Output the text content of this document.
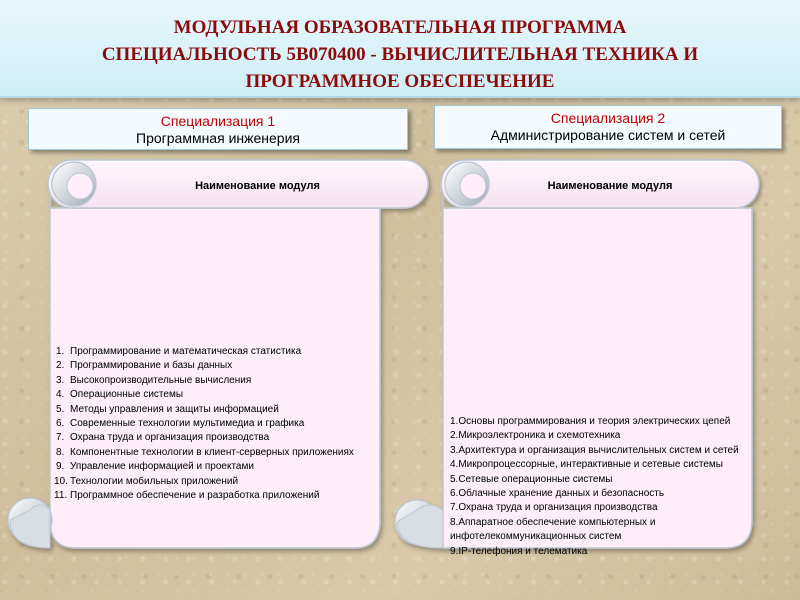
МОДУЛЬНАЯ ОБРАЗОВАТЕЛЬНАЯ ПРОГРАММА
СПЕЦИАЛЬНОСТЬ 5В070400 - ВЫЧИСЛИТЕЛЬНАЯ ТЕХНИКА И
ПРОГРАММНОЕ ОБЕСПЕЧЕНИЕ
Специализация 1
Программная инженерия
Специализация 2
Администрирование систем и сетей
Наименование модуля	Наименование модуля
1. Программирование и математическая статистика
2. Программирование и базы данных
3. Высокопроизводительные вычисления
4. Операционные системы
5. Методы управления и защиты информацией
6. Современные технологии мультимедиа и графика
7. Охрана труда и организация производства
8. Компонентные технологии в клиент-серверных приложениях
9. Управление информацией и проектами
10. Технологии мобильных приложений
11. Программное обеспечение и разработка приложений
1.Основы программирования и теория электрических цепей
2.Микроэлектроника и схемотехника
3.Архитектура и организация вычислительных систем и сетей
4.Микропроцессорные, интерактивные и сетевые системы
5.Сетевые операционные системы
6.Облачные хранение данных и безопасность
7.Охрана труда и организация производства
8.Аппаратное обеспечение компьютерных и инфотелекоммуникационных систем
9.IP-телефония и телематика
